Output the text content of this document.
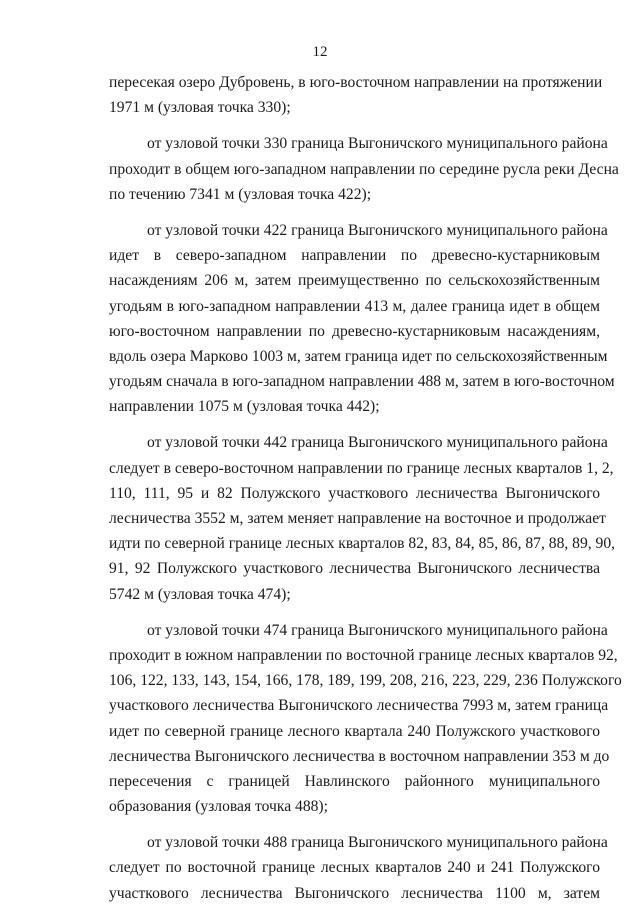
12
пересекая озеро Дубровень, в юго-восточном направлении на протяжении
1971 м (узловая точка 330);
от узловой точки 330 граница Выгоничского муниципального района
проходит в общем юго-западном направлении по середине русла реки Десна
по течению 7341 м (узловая точка 422);
от узловой точки 422 граница Выгоничского муниципального района
идет в северо-западном направлении по древесно-кустарниковым
насаждениям 206 м, затем преимущественно по сельскохозяйственным
угодьям в юго-западном направлении 413 м, далее граница идет в общем
юго-восточном направлении по древесно-кустарниковым насаждениям,
вдоль озера Марково 1003 м, затем граница идет по сельскохозяйственным
угодьям сначала в юго-западном направлении 488 м, затем в юго-восточном
направлении 1075 м (узловая точка 442);
от узловой точки 442 граница Выгоничского муниципального района
следует в северо-восточном направлении по границе лесных кварталов 1, 2,
110, 111, 95 и 82 Полужского участкового лесничества Выгоничского
лесничества 3552 м, затем меняет направление на восточное и продолжает
идти по северной границе лесных кварталов 82, 83, 84, 85, 86, 87, 88, 89, 90,
91, 92 Полужского участкового лесничества Выгоничского лесничества
5742 м (узловая точка 474);
от узловой точки 474 граница Выгоничского муниципального района
проходит в южном направлении по восточной границе лесных кварталов 92,
106, 122, 133, 143, 154, 166, 178, 189, 199, 208, 216, 223, 229, 236 Полужского
участкового лесничества Выгоничского лесничества 7993 м, затем граница
идет по северной границе лесного квартала 240 Полужского участкового
лесничества Выгоничского лесничества в восточном направлении 353 м до
пересечения с границей Навлинского районного муниципального
образования (узловая точка 488);
от узловой точки 488 граница Выгоничского муниципального района
следует по восточной границе лесных кварталов 240 и 241 Полужского
участкового лесничества Выгоничского лесничества 1100 м, затем
